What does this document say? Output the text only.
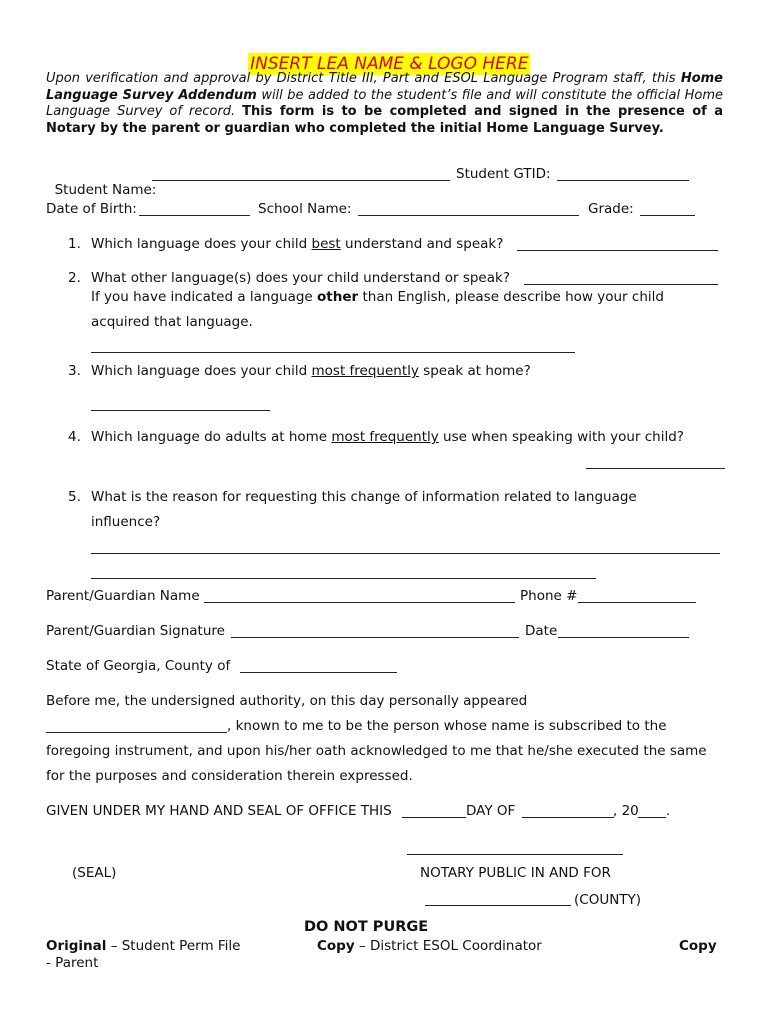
INSERT LEA NAME & LOGO HERE

Upon verification and approval by District Title III, Part and ESOL Language Program staff, this Home Language Survey Addendum will be added to the student’s file and will constitute the official Home Language Survey of record. This form is to be completed and signed in the presence of a Notary by the parent or guardian who completed the initial Home Language Survey.

Student Name:

Student GTID:
Date of Birth:	School Name:	Grade:
1. Which language does your child best understand and speak?
2. What other language(s) does your child understand or speak?
If you have indicated a language other than English, please describe how your child
acquired that language.
3. Which language does your child most frequently speak at home?
4. Which language do adults at home most frequently use when speaking with your child?
5. What is the reason for requesting this change of information related to language
influence?
Parent/Guardian Name	Phone #
Parent/Guardian Signature	Date
State of Georgia, County of
Before me, the undersigned authority, on this day personally appeared
, known to me to be the person whose name is subscribed to the
foregoing instrument, and upon his/her oath acknowledged to me that he/she executed the same
for the purposes and consideration therein expressed.
GIVEN UNDER MY HAND AND SEAL OF OFFICE THIS	DAY OF	, 20 .
(SEAL)	NOTARY PUBLIC IN AND FOR
(COUNTY)
DO NOT PURGE
Original – Student Perm File
- Parent
Copy – District ESOL Coordinator	Copy
